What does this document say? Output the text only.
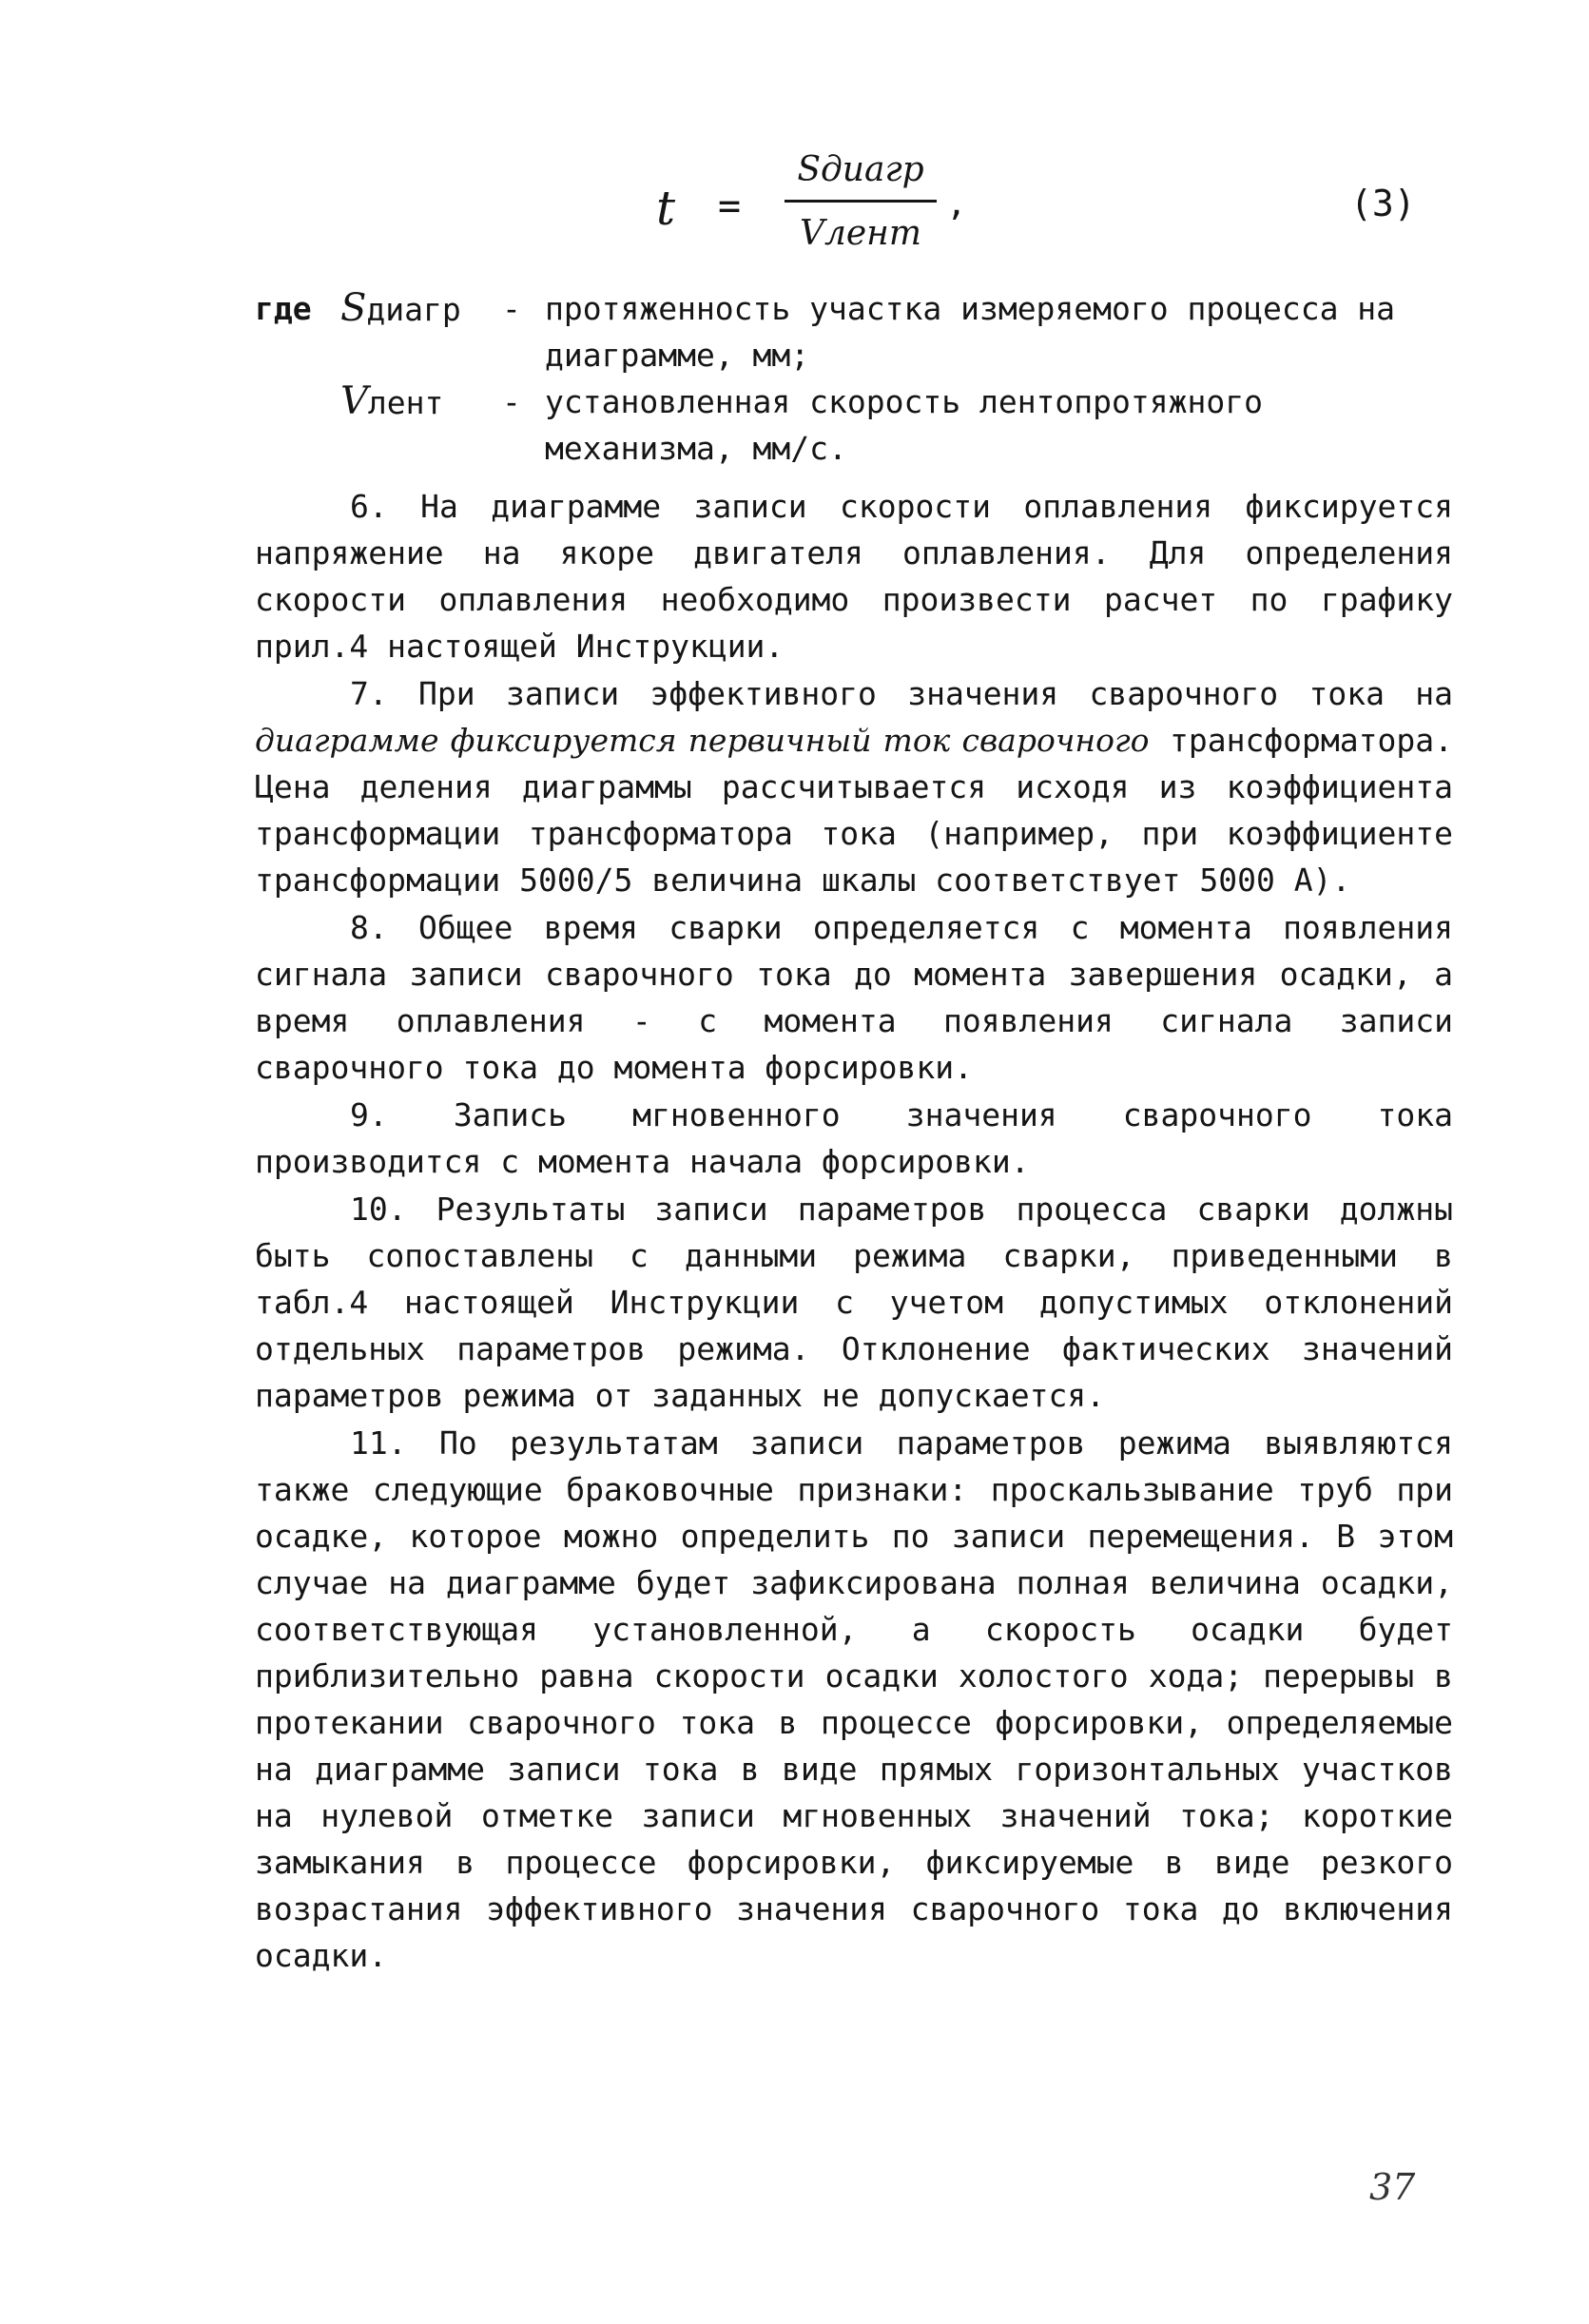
t =
Sдиагр
Vлент
,	(3)
где Sдиагр	- протяженность участка измеряемого процесса на диаграмме, мм;
Vлент	- установленная скорость лентопротяжного механизма, мм/с.

6. На диаграмме записи скорости оплавления фиксируется напряжение на якоре двигателя оплавления. Для определения скорости оплавления необходимо произвести расчет по графику прил.4 настоящей Инструкции.

7. При записи эффективного значения сварочного тока на диаграмме фиксируется первичный ток сварочного трансформатора. Цена деления диаграммы рассчитывается исходя из коэффициента трансформации трансформатора тока (например, при коэффициенте трансформации 5000/5 величина шкалы соответствует 5000 А).

8. Общее время сварки определяется с момента появления сигнала записи сварочного тока до момента завершения осадки, а время оплавления - с момента появления сигнала записи сварочного тока до момента форсировки.

9. Запись мгновенного значения сварочного тока производится с момента начала форсировки.

10. Результаты записи параметров процесса сварки должны быть сопоставлены с данными режима сварки, приведенными в табл.4 настоящей Инструкции с учетом допустимых отклонений отдельных параметров режима. Отклонение фактических значений параметров режима от заданных не допускается.

11. По результатам записи параметров режима выявляются также следующие браковочные признаки: проскальзывание труб при осадке, которое можно определить по записи перемещения. В этом случае на диаграмме будет зафиксирована полная величина осадки, соответствующая установленной, а скорость осадки будет приблизительно равна скорости осадки холостого хода; перерывы в протекании сварочного тока в процессе форсировки, определяемые на диаграмме записи тока в виде прямых горизонтальных участков на нулевой отметке записи мгновенных значений тока; короткие замыкания в процессе форсировки, фиксируемые в виде резкого возрастания эффективного значения сварочного тока до включения осадки.

37
